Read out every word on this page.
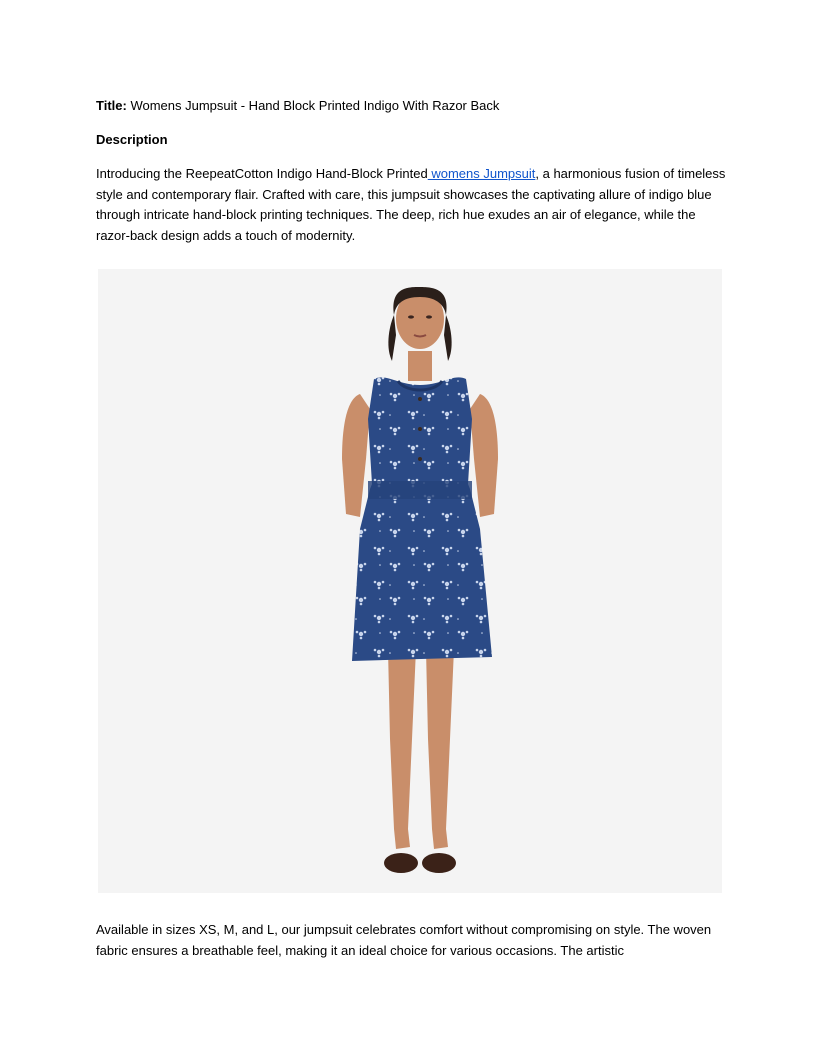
Title: Womens Jumpsuit - Hand Block Printed Indigo With Razor Back
Description
Introducing the ReepeatCotton Indigo Hand-Block Printed womens Jumpsuit, a harmonious fusion of timeless style and contemporary flair. Crafted with care, this jumpsuit showcases the captivating allure of indigo blue through intricate hand-block printing techniques. The deep, rich hue exudes an air of elegance, while the razor-back design adds a touch of modernity.
Available in sizes XS, M, and L, our jumpsuit celebrates comfort without compromising on style. The woven fabric ensures a breathable feel, making it an ideal choice for various occasions. The artistic
